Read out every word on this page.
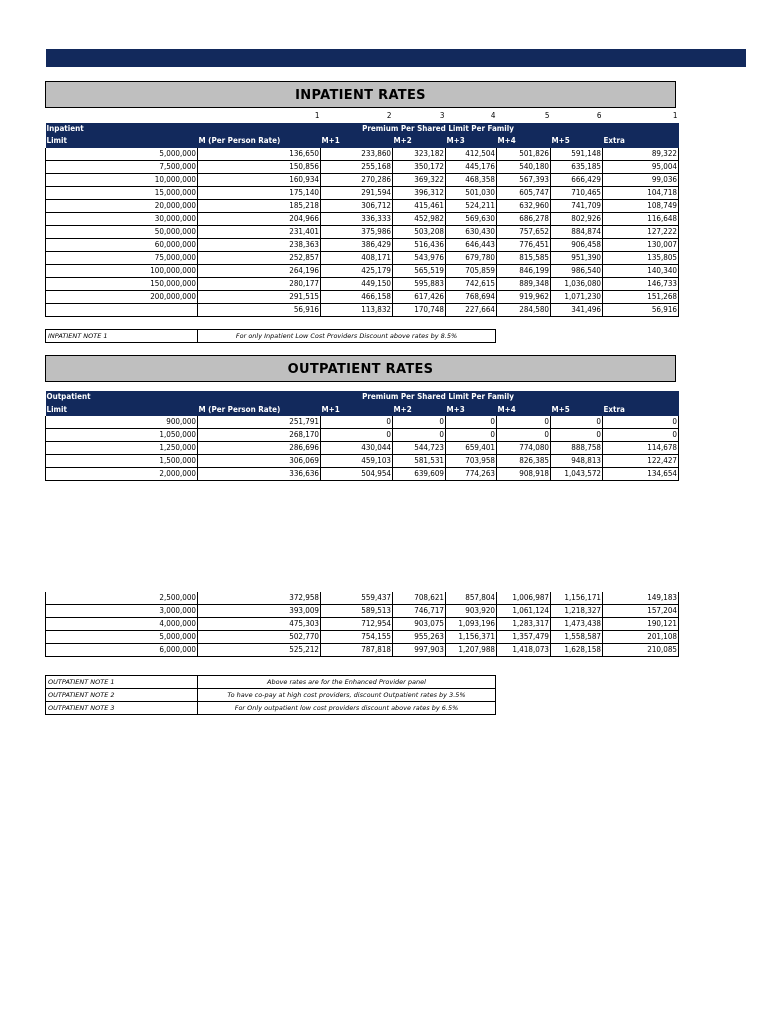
INPATIENT RATES
	1	2	3	4	5	6	1
Inpatient	Premium Per Shared Limit Per Family						
Limit	M (Per Person Rate)	M+1	M+2	M+3	M+4	M+5	Extra
5,000,000	136,650	233,860	323,182	412,504	501,826	591,148	89,322
7,500,000	150,856	255,168	350,172	445,176	540,180	635,185	95,004
10,000,000	160,934	270,286	369,322	468,358	567,393	666,429	99,036
15,000,000	175,140	291,594	396,312	501,030	605,747	710,465	104,718
20,000,000	185,218	306,712	415,461	524,211	632,960	741,709	108,749
30,000,000	204,966	336,333	452,982	569,630	686,278	802,926	116,648
50,000,000	231,401	375,986	503,208	630,430	757,652	884,874	127,222
60,000,000	238,363	386,429	516,436	646,443	776,451	906,458	130,007
75,000,000	252,857	408,171	543,976	679,780	815,585	951,390	135,805
100,000,000	264,196	425,179	565,519	705,859	846,199	986,540	140,340
150,000,000	280,177	449,150	595,883	742,615	889,348	1,036,080	146,733
200,000,000	291,515	466,158	617,426	768,694	919,962	1,071,230	151,268
	56,916	113,832	170,748	227,664	284,580	341,496	56,916
INPATIENT NOTE 1	For only Inpatient Low Cost Providers Discount above rates by 8.5%
OUTPATIENT RATES
Outpatient	Premium Per Shared Limit Per Family						
Limit	M (Per Person Rate)	M+1	M+2	M+3	M+4	M+5	Extra
900,000	251,791	0	0	0	0	0	0
1,050,000	268,170	0	0	0	0	0	0
1,250,000	286,696	430,044	544,723	659,401	774,080	888,758	114,678
1,500,000	306,069	459,103	581,531	703,958	826,385	948,813	122,427
2,000,000	336,636	504,954	639,609	774,263	908,918	1,043,572	134,654
2,500,000	372,958	559,437	708,621	857,804	1,006,987	1,156,171	149,183
3,000,000	393,009	589,513	746,717	903,920	1,061,124	1,218,327	157,204
4,000,000	475,303	712,954	903,075	1,093,196	1,283,317	1,473,438	190,121
5,000,000	502,770	754,155	955,263	1,156,371	1,357,479	1,558,587	201,108
6,000,000	525,212	787,818	997,903	1,207,988	1,418,073	1,628,158	210,085
OUTPATIENT NOTE 1	Above rates are for the Enhanced Provider panel
OUTPATIENT NOTE 2	To have co-pay at high cost providers, discount Outpatient rates by 3.5%
OUTPATIENT NOTE 3	For Only outpatient low cost providers discount above rates by 6.5%
